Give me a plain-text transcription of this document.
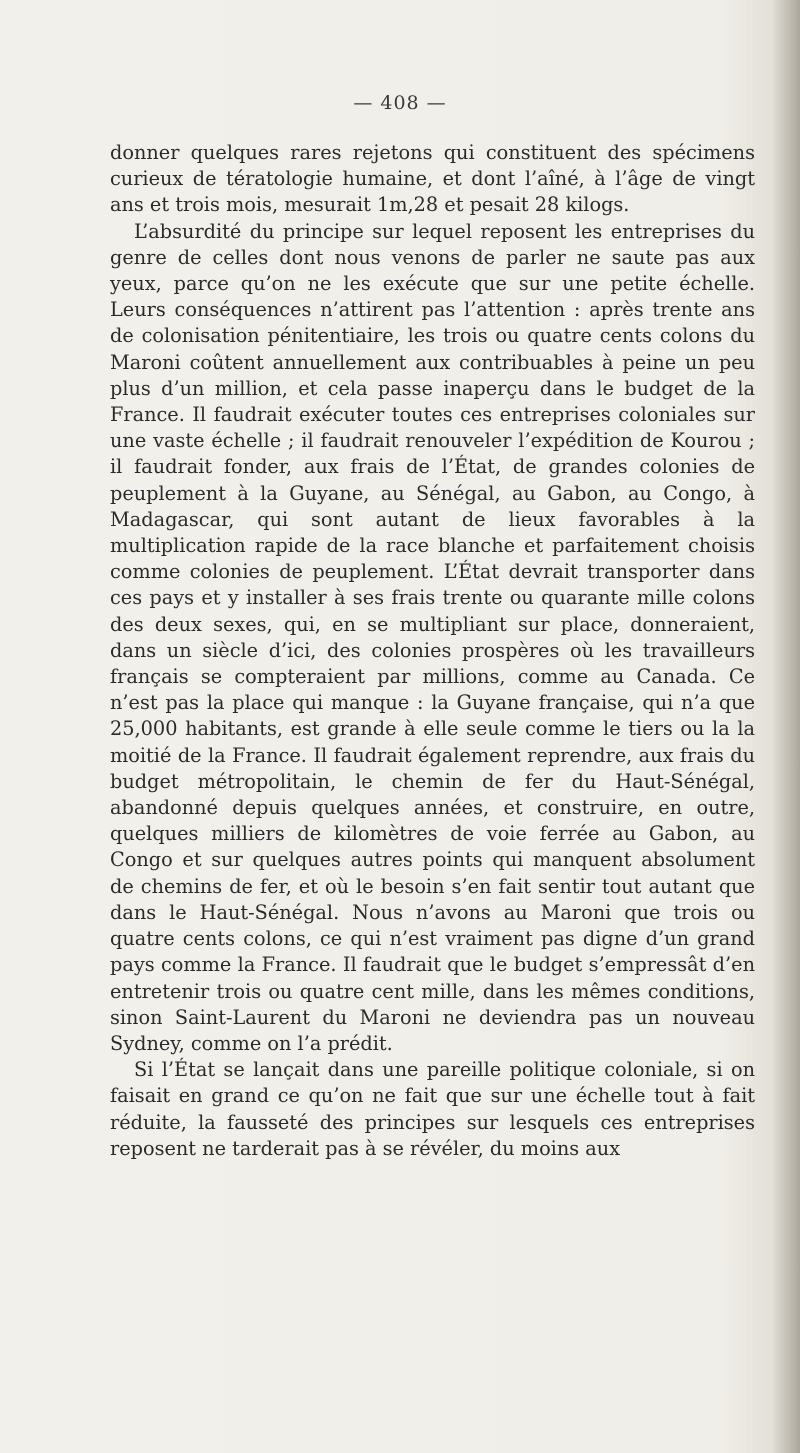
— 408 —

donner quelques rares rejetons qui constituent des spécimens curieux de tératologie humaine, et dont l’aîné, à l’âge de vingt ans et trois mois, mesurait 1m,28 et pesait 28 kilogs.

L’absurdité du principe sur lequel reposent les entreprises du genre de celles dont nous venons de parler ne saute pas aux yeux, parce qu’on ne les exécute que sur une petite échelle. Leurs conséquences n’attirent pas l’attention : après trente ans de colonisation pénitentiaire, les trois ou quatre cents colons du Maroni coûtent annuellement aux contribuables à peine un peu plus d’un million, et cela passe inaperçu dans le budget de la France. Il faudrait exécuter toutes ces entreprises coloniales sur une vaste échelle ; il faudrait renouveler l’expédition de Kourou ; il faudrait fonder, aux frais de l’État, de grandes colonies de peuplement à la Guyane, au Sénégal, au Gabon, au Congo, à Madagascar, qui sont autant de lieux favorables à la multiplication rapide de la race blanche et parfaitement choisis comme colonies de peuplement. L’État devrait transporter dans ces pays et y installer à ses frais trente ou quarante mille colons des deux sexes, qui, en se multipliant sur place, donneraient, dans un siècle d’ici, des colonies prospères où les travailleurs français se compteraient par millions, comme au Canada. Ce n’est pas la place qui manque : la Guyane française, qui n’a que 25,000 habitants, est grande à elle seule comme le tiers ou la la moitié de la France. Il faudrait également reprendre, aux frais du budget métropolitain, le chemin de fer du Haut-Sénégal, abandonné depuis quelques années, et construire, en outre, quelques milliers de kilomètres de voie ferrée au Gabon, au Congo et sur quelques autres points qui manquent absolument de chemins de fer, et où le besoin s’en fait sentir tout autant que dans le Haut-Sénégal. Nous n’avons au Maroni que trois ou quatre cents colons, ce qui n’est vraiment pas digne d’un grand pays comme la France. Il faudrait que le budget s’empressât d’en entretenir trois ou quatre cent mille, dans les mêmes conditions, sinon Saint-Laurent du Maroni ne deviendra pas un nouveau Sydney, comme on l’a prédit.

Si l’État se lançait dans une pareille politique coloniale, si on faisait en grand ce qu’on ne fait que sur une échelle tout à fait réduite, la fausseté des principes sur lesquels ces entreprises reposent ne tarderait pas à se révéler, du moins aux
